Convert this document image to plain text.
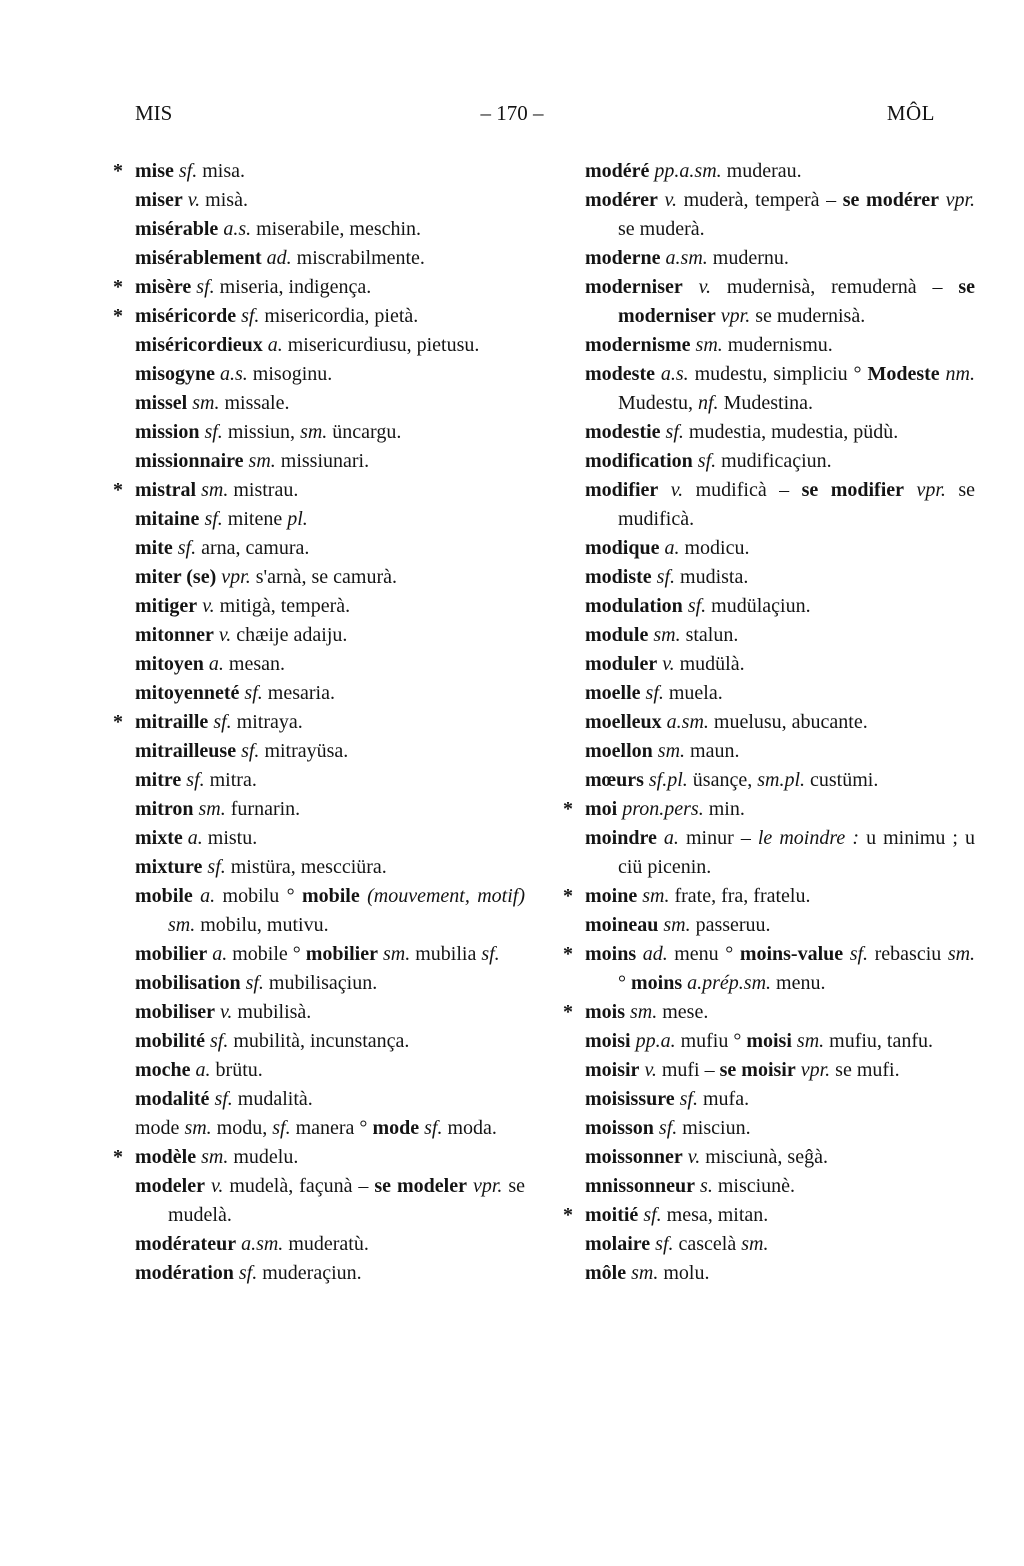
MIS	– 170 –	MÔL

* mise sf. misa.

miser v. misà.

misérable a.s. miserabile, meschin.

misérablement ad. miscrabilmente.

* misère sf. miseria, indigença.

* miséricorde sf. misericordia, pietà.

miséricordieux a. misericurdiusu, pietusu.

misogyne a.s. misoginu.

missel sm. missale.

mission sf. missiun, sm. üncargu.

missionnaire sm. missiunari.

* mistral sm. mistrau.

mitaine sf. mitene pl.

mite sf. arna, camura.

miter (se) vpr. s'arnà, se camurà.

mitiger v. mitigà, temperà.

mitonner v. chæije adaiju.

mitoyen a. mesan.

mitoyenneté sf. mesaria.

* mitraille sf. mitraya.

mitrailleuse sf. mitrayüsa.

mitre sf. mitra.

mitron sm. furnarin.

mixte a. mistu.

mixture sf. mistüra, mescciüra.

mobile a. mobilu ° mobile (mouvement, motif) sm. mobilu, mutivu.

mobilier a. mobile ° mobilier sm. mubilia sf.

mobilisation sf. mubilisaçiun.

mobiliser v. mubilisà.

mobilité sf. mubilità, incunstança.

moche a. brütu.

modalité sf. mudalità.

mode sm. modu, sf. manera ° mode sf. moda.

* modèle sm. mudelu.

modeler v. mudelà, façunà – se modeler vpr. se mudelà.

modérateur a.sm. muderatù.

modération sf. muderaçiun.

modéré pp.a.sm. muderau.

modérer v. muderà, temperà – se modérer vpr. se muderà.

moderne a.sm. mudernu.

moderniser v. mudernisà, remudernà – se moderniser vpr. se mudernisà.

modernisme sm. mudernismu.

modeste a.s. mudestu, simpliciu ° Modeste nm. Mudestu, nf. Mudestina.

modestie sf. mudestia, mudestia, püdù.

modification sf. mudificaçiun.

modifier v. mudificà – se modifier vpr. se mudificà.

modique a. modicu.

modiste sf. mudista.

modulation sf. mudülaçiun.

module sm. stalun.

moduler v. mudülà.

moelle sf. muela.

moelleux a.sm. muelusu, abucante.

moellon sm. maun.

mœurs sf.pl. üsançe, sm.pl. custümi.

* moi pron.pers. min.

moindre a. minur – le moindre : u minimu ; u ciü picenin.

* moine sm. frate, fra, fratelu.

moineau sm. passeruu.

* moins ad. menu ° moins-value sf. rebasciu sm. ° moins a.prép.sm. menu.

* mois sm. mese.

moisi pp.a. mufiu ° moisi sm. mufiu, tanfu.

moisir v. mufi – se moisir vpr. se mufi.

moisissure sf. mufa.

moisson sf. misciun.

moissonner v. misciunà, seĝà.

mnissonneur s. misciunè.

* moitié sf. mesa, mitan.

molaire sf. cascelà sm.

môle sm. molu.
